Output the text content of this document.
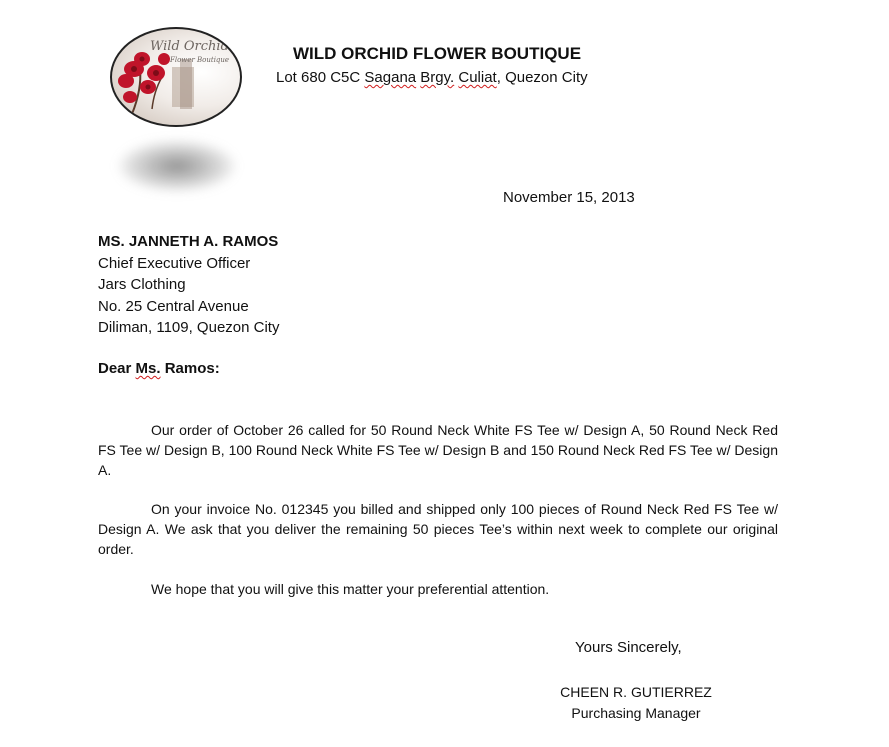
Wild Orchid
Flower Boutique	WILD ORCHID FLOWER BOUTIQUE
Lot 680 C5C Sagana Brgy. Culiat, Quezon City
November 15, 2013
MS. JANNETH A. RAMOS
Chief Executive Officer
Jars Clothing
No. 25 Central Avenue
Diliman, 1109, Quezon City
Dear Ms. Ramos:

Our order of October 26 called for 50 Round Neck White FS Tee w/ Design A, 50 Round Neck Red FS Tee w/ Design B, 100 Round Neck White FS Tee w/ Design B and 150 Round Neck Red FS Tee w/ Design A.

On your invoice No. 012345 you billed and shipped only 100 pieces of Round Neck Red FS Tee w/ Design A. We ask that you deliver the remaining 50 pieces Tee’s within next week to complete our original order.

We hope that you will give this matter your preferential attention.

Yours Sincerely,
CHEEN R. GUTIERREZ
Purchasing Manager
